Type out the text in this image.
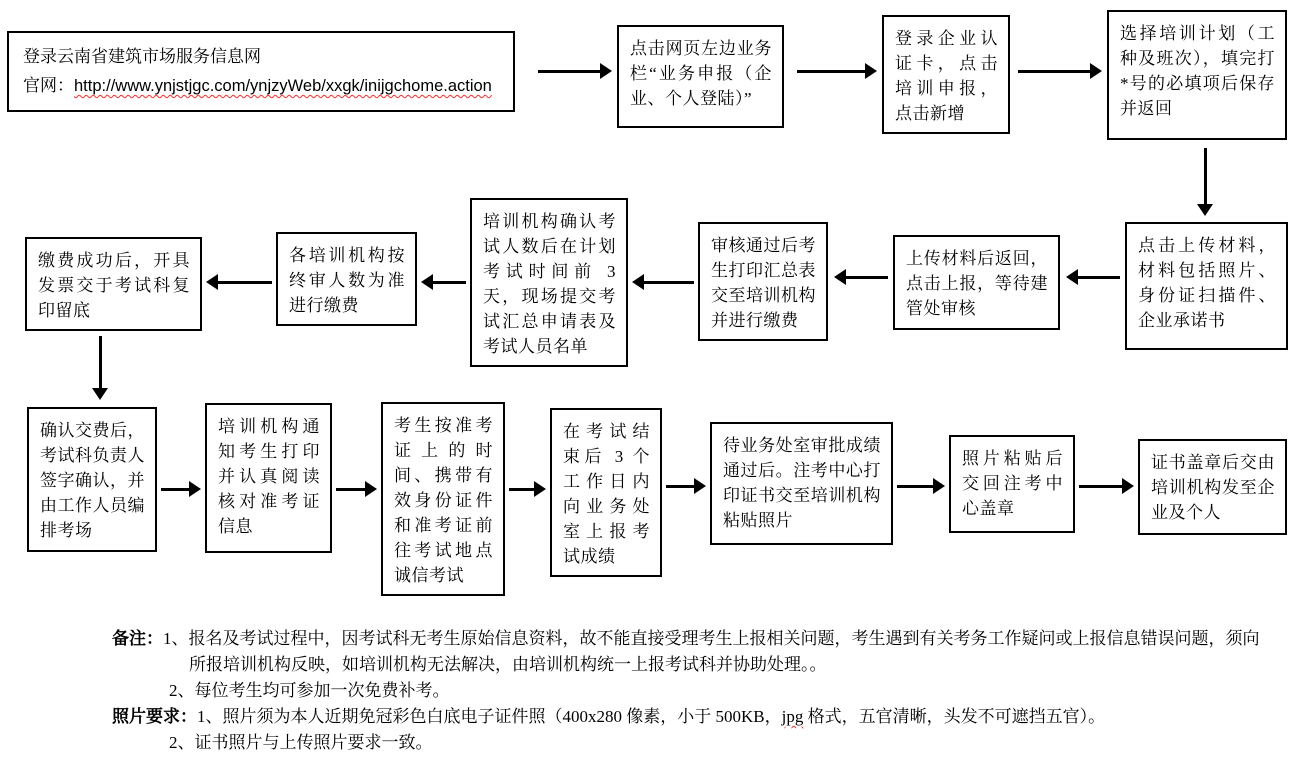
登录云南省建筑市场服务信息网
官网：http://www.ynjstjgc.com/ynjzyWeb/xxgk/inijgchome.action
点击网页左边业务栏“业务申报（企业、个人登陆）”
登录企业认证卡，点击培训申报，点击新增
选择培训计划（工种及班次），填完打*号的必填项后保存并返回
点击上传材料，材料包括照片、身份证扫描件、企业承诺书
上传材料后返回，点击上报，等待建管处审核
审核通过后考生打印汇总表交至培训机构并进行缴费
培训机构确认考试人数后在计划考试时间前 3 天，现场提交考试汇总申请表及考试人员名单
各培训机构按终审人数为准进行缴费
缴费成功后，开具发票交于考试科复印留底
确认交费后，考试科负责人签字确认，并由工作人员编排考场
培训机构通知考生打印并认真阅读核对准考证信息
考生按准考证上的时间、携带有效身份证件和准考证前往考试地点诚信考试
在考试结束后 3 个工作日内向业务处室上报考试成绩
待业务处室审批成绩通过后。注考中心打印证书交至培训机构粘贴照片
照片粘贴后交回注考中心盖章
证书盖章后交由培训机构发至企业及个人
备注： 1、报名及考试过程中，因考试科无考生原始信息资料，故不能直接受理考生上报相关问题，考生遇到有关考务工作疑问或上报信息错误问题，须向所报培训机构反映，如培训机构无法解决，由培训机构统一上报考试科并协助处理。。
2、每位考生均可参加一次免费补考。
照片要求： 1、照片须为本人近期免冠彩色白底电子证件照（400x280 像素，小于 500KB，jpg 格式，五官清晰，头发不可遮挡五官）。
2、证书照片与上传照片要求一致。
